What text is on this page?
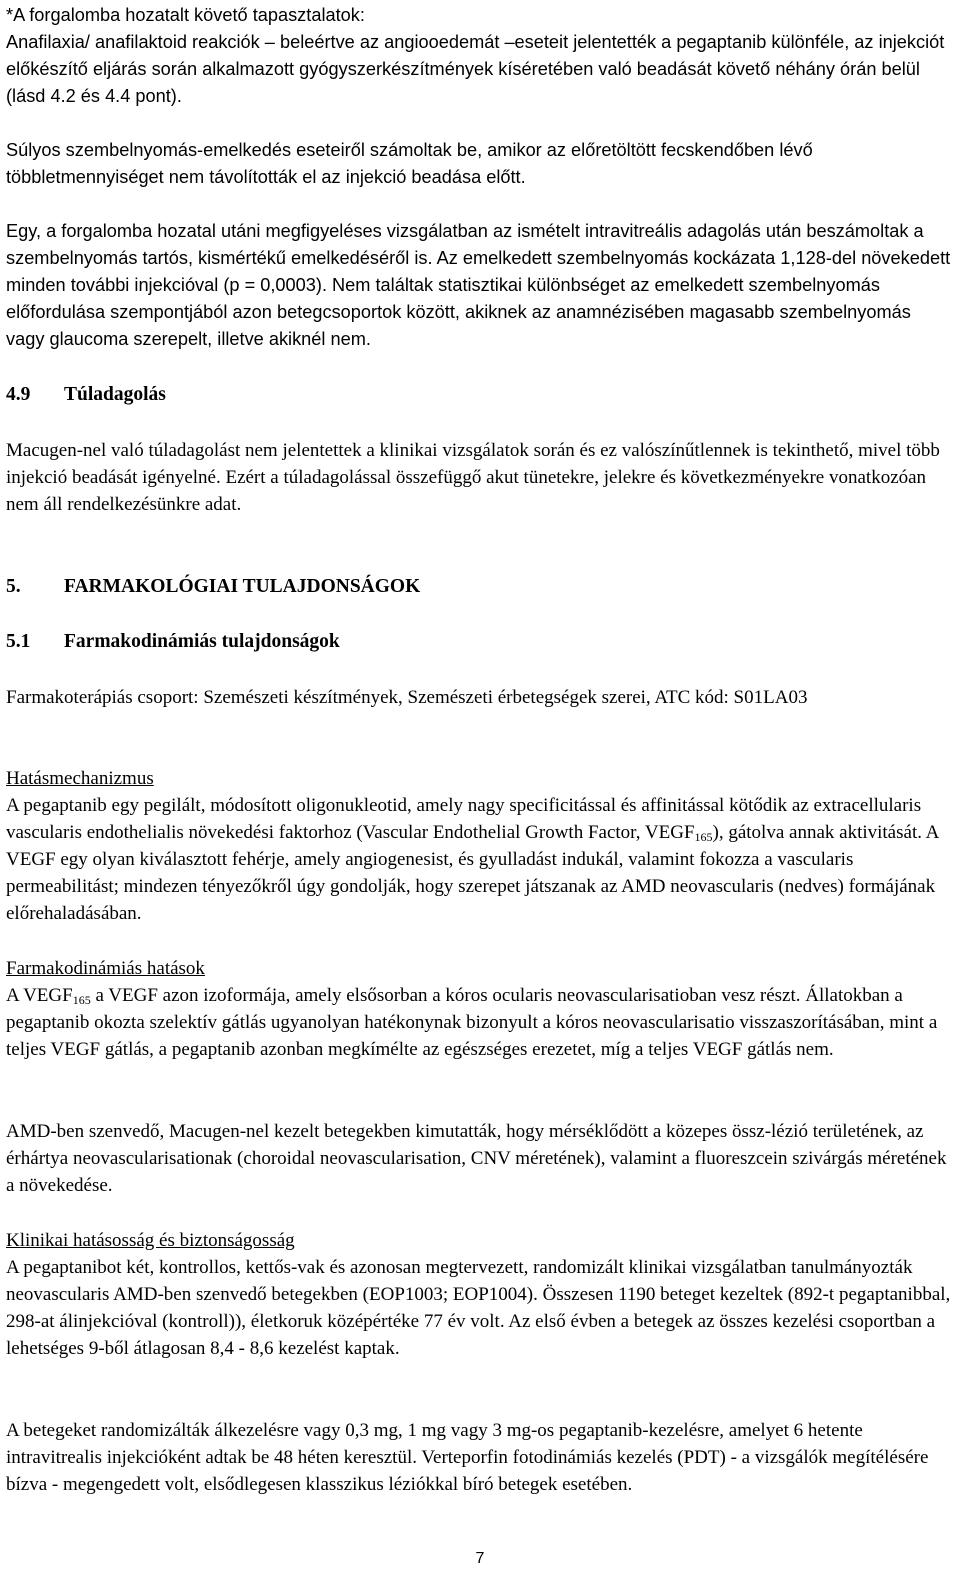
*A forgalomba hozatalt követő tapasztalatok:

Anafilaxia/ anafilaktoid reakciók – beleértve az angiooedemát –eseteit jelentették a pegaptanib különféle, az injekciót előkészítő eljárás során alkalmazott gyógyszerkészítmények kíséretében való beadását követő néhány órán belül (lásd 4.2 és 4.4 pont).

Súlyos szembelnyomás-emelkedés eseteiről számoltak be, amikor az előretöltött fecskendőben lévő többletmennyiséget nem távolították el az injekció beadása előtt.

Egy, a forgalomba hozatal utáni megfigyeléses vizsgálatban az ismételt intravitreális adagolás után beszámoltak a szembelnyomás tartós, kismértékű emelkedéséről is. Az emelkedett szembelnyomás kockázata 1,128-del növekedett minden további injekcióval (p = 0,0003). Nem találtak statisztikai különbséget az emelkedett szembelnyomás előfordulása szempontjából azon betegcsoportok között, akiknek az anamnézisében magasabb szembelnyomás vagy glaucoma szerepelt, illetve akiknél nem.

4.9 Túladagolás

Macugen-nel való túladagolást nem jelentettek a klinikai vizsgálatok során és ez valószínűtlennek is tekinthető, mivel több injekció beadását igényelné. Ezért a túladagolással összefüggő akut tünetekre, jelekre és következményekre vonatkozóan nem áll rendelkezésünkre adat.

5. FARMAKOLÓGIAI TULAJDONSÁGOK

5.1 Farmakodinámiás tulajdonságok

Farmakoterápiás csoport: Szemészeti készítmények, Szemészeti érbetegségek szerei, ATC kód: S01LA03

Hatásmechanizmus

A pegaptanib egy pegilált, módosított oligonukleotid, amely nagy specificitással és affinitással kötődik az extracellularis vascularis endothelialis növekedési faktorhoz (Vascular Endothelial Growth Factor, $VEGF_{165}$), gátolva annak aktivitását. A VEGF egy olyan kiválasztott fehérje, amely angiogenesist, és gyulladást indukál, valamint fokozza a vascularis permeabilitást; mindezen tényezőkről úgy gondolják, hogy szerepet játszanak az AMD neovascularis (nedves) formájának előrehaladásában.

Farmakodinámiás hatások

A $VEGF_{165}$ a VEGF azon izoformája, amely elsősorban a kóros ocularis neovascularisatioban vesz részt. Állatokban a pegaptanib okozta szelektív gátlás ugyanolyan hatékonynak bizonyult a kóros neovascularisatio visszaszorításában, mint a teljes VEGF gátlás, a pegaptanib azonban megkímélte az egészséges erezetet, míg a teljes VEGF gátlás nem.

AMD-ben szenvedő, Macugen-nel kezelt betegekben kimutatták, hogy mérséklődött a közepes össz-lézió területének, az érhártya neovascularisationak (choroidal neovascularisation, CNV méretének), valamint a fluoreszcein szivárgás méretének a növekedése.

Klinikai hatásosság és biztonságosság

A pegaptanibot két, kontrollos, kettős-vak és azonosan megtervezett, randomizált klinikai vizsgálatban tanulmányozták neovascularis AMD-ben szenvedő betegekben (EOP1003; EOP1004). Összesen 1190 beteget kezeltek (892-t pegaptanibbal, 298-at álinjekcióval (kontroll)), életkoruk középértéke 77 év volt. Az első évben a betegek az összes kezelési csoportban a lehetséges 9-ből átlagosan 8,4 - 8,6 kezelést kaptak.

A betegeket randomizálták álkezelésre vagy 0,3 mg, 1 mg vagy 3 mg-os pegaptanib-kezelésre, amelyet 6 hetente intravitrealis injekcióként adtak be 48 héten keresztül. Verteporfin fotodinámiás kezelés (PDT) - a vizsgálók megítélésére bízva - megengedett volt, elsődlegesen klasszikus léziókkal bíró betegek esetében.

7
